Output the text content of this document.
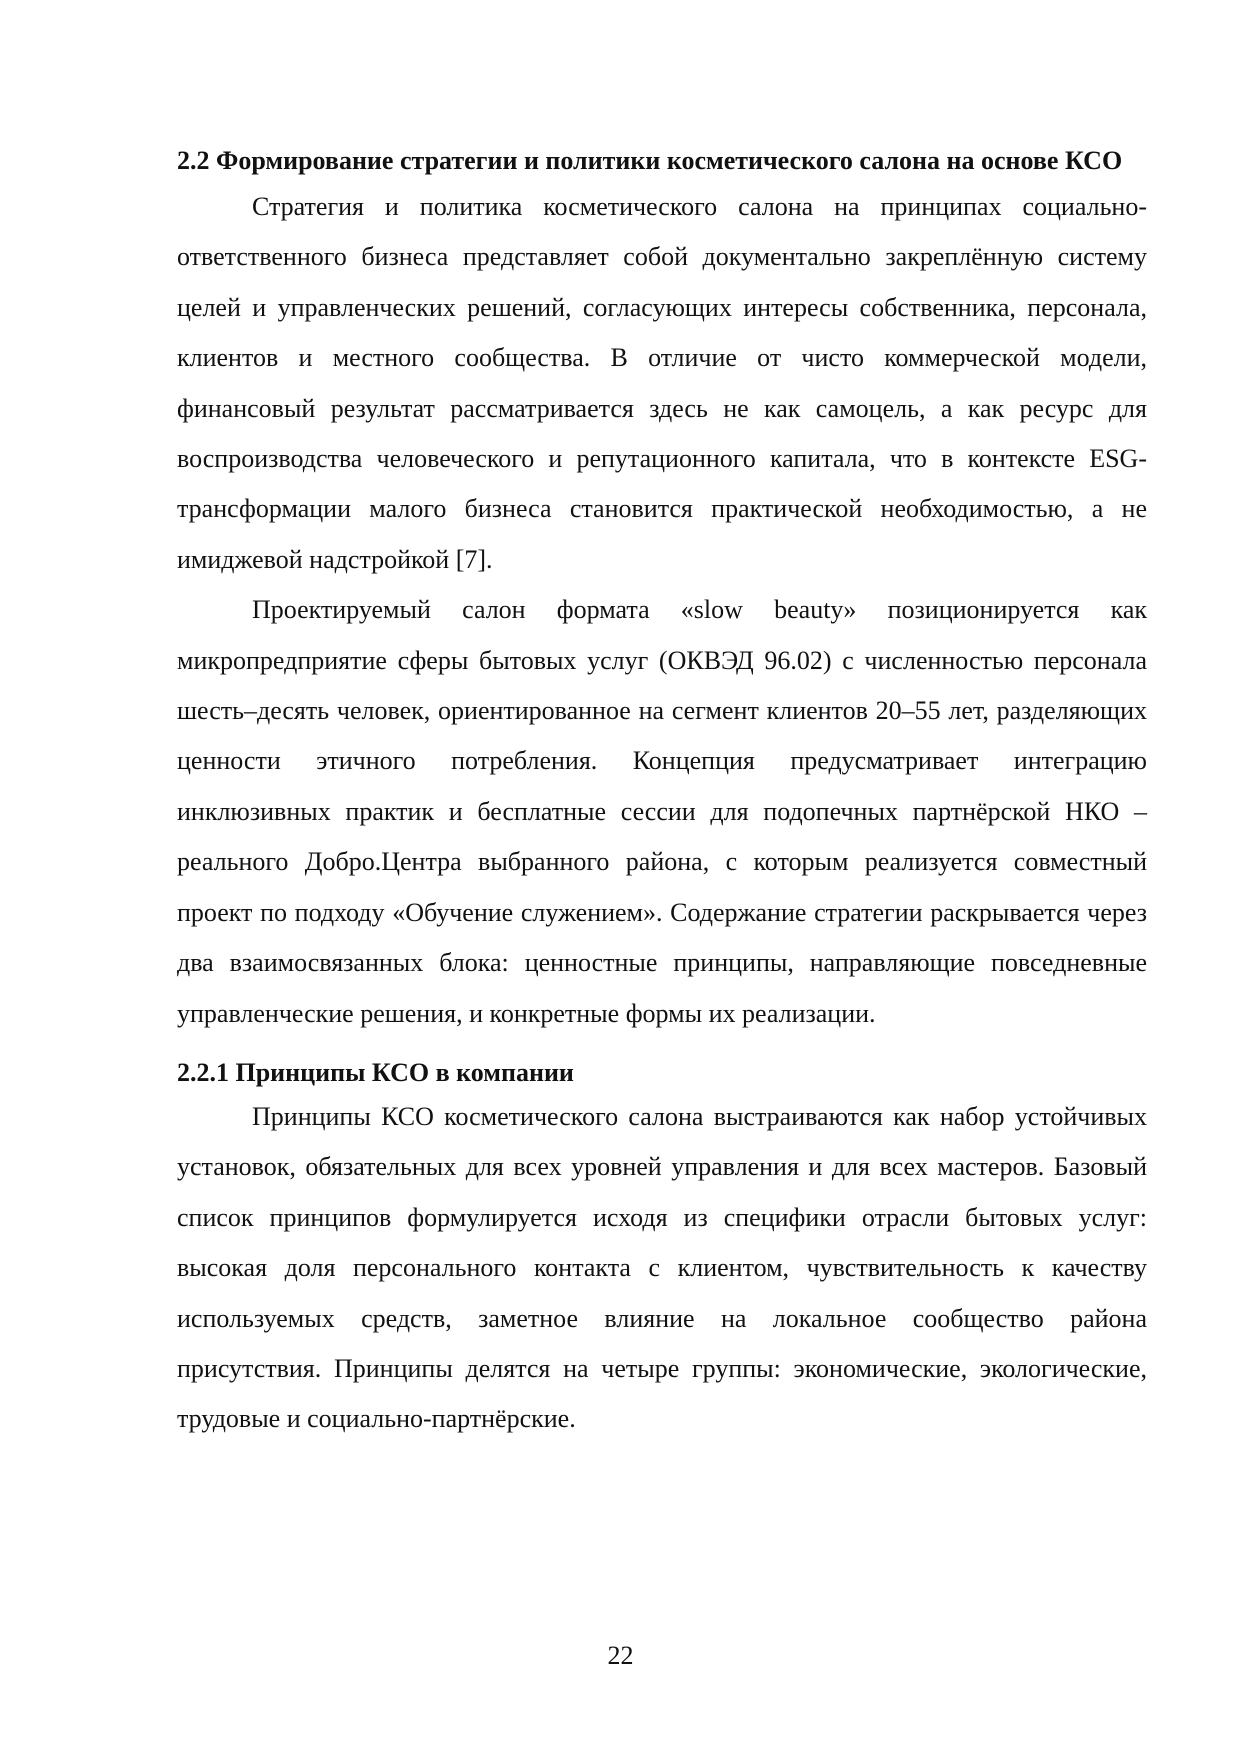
2.2 Формирование стратегии и политики косметического салона на основе КСО

Стратегия и политика косметического салона на принципах социально-ответственного бизнеса представляет собой документально закреплённую систему целей и управленческих решений, согласующих интересы собственника, персонала, клиентов и местного сообщества. В отличие от чисто коммерческой модели, финансовый результат рассматривается здесь не как самоцель, а как ресурс для воспроизводства человеческого и репутационного капитала, что в контексте ESG-трансформации малого бизнеса становится практической необходимостью, а не имиджевой надстройкой [7].

Проектируемый салон формата «slow beauty» позиционируется как микропредприятие сферы бытовых услуг (ОКВЭД 96.02) с численностью персонала шесть–десять человек, ориентированное на сегмент клиентов 20–55 лет, разделяющих ценности этичного потребления. Концепция предусматривает интеграцию инклюзивных практик и бесплатные сессии для подопечных партнёрской НКО – реального Добро.Центра выбранного района, с которым реализуется совместный проект по подходу «Обучение служением». Содержание стратегии раскрывается через два взаимосвязанных блока: ценностные принципы, направляющие повседневные управленческие решения, и конкретные формы их реализации.

2.2.1 Принципы КСО в компании

Принципы КСО косметического салона выстраиваются как набор устойчивых установок, обязательных для всех уровней управления и для всех мастеров. Базовый список принципов формулируется исходя из специфики отрасли бытовых услуг: высокая доля персонального контакта с клиентом, чувствительность к качеству используемых средств, заметное влияние на локальное сообщество района присутствия. Принципы делятся на четыре группы: экономические, экологические, трудовые и социально-партнёрские.

22
